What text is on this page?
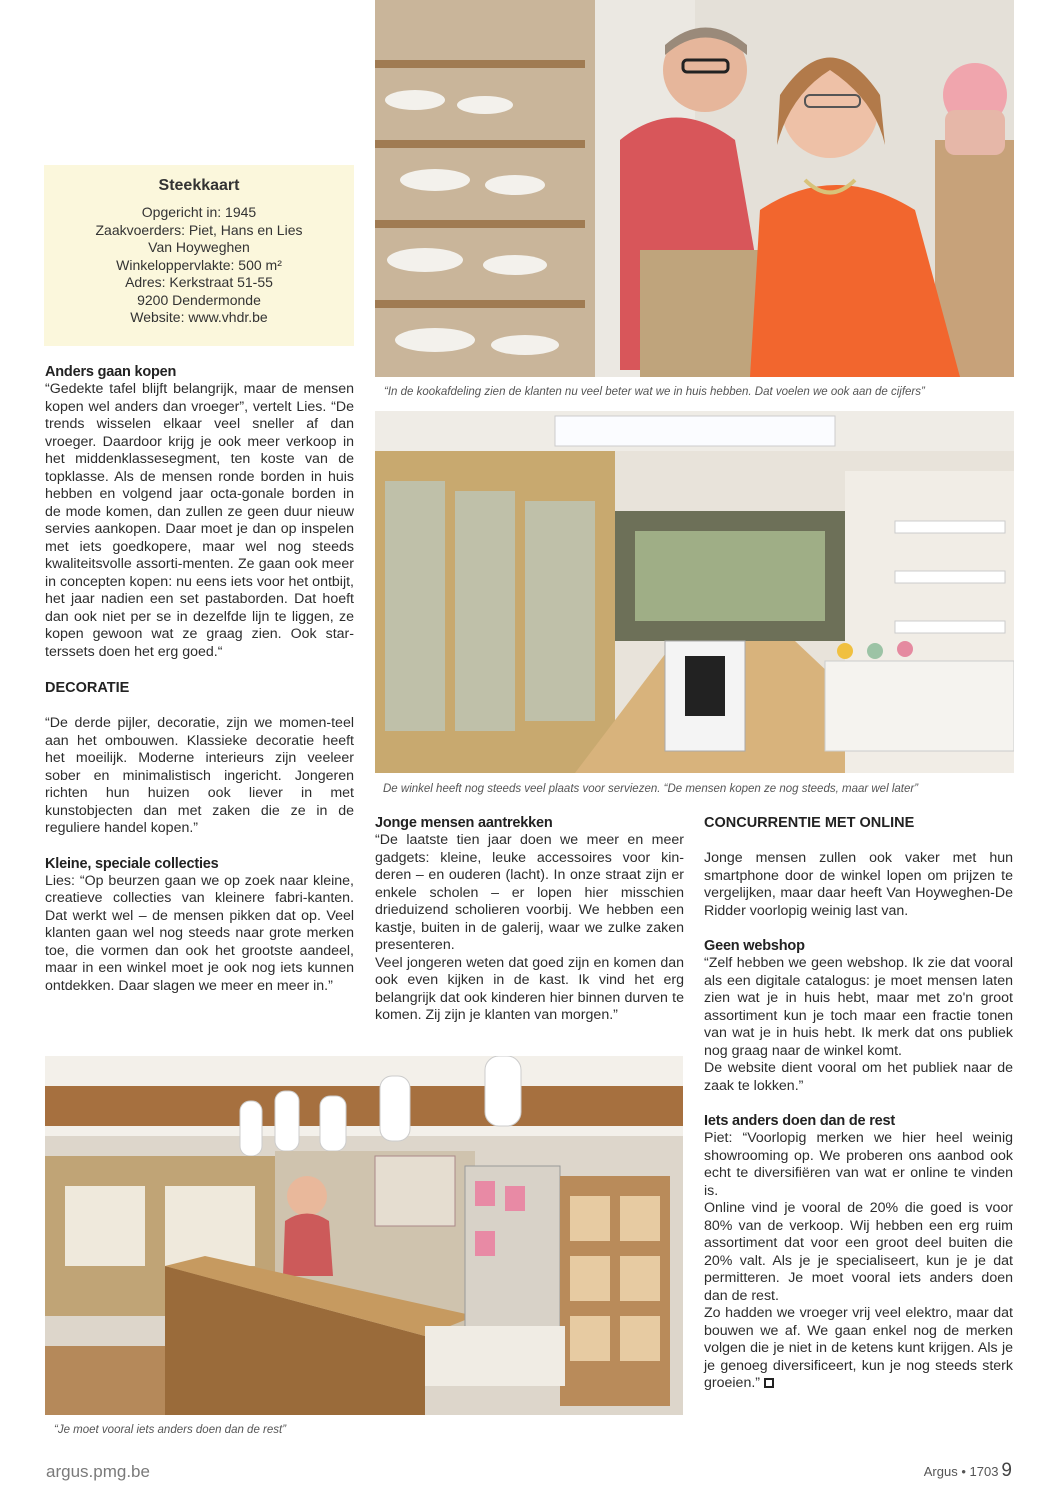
“In de kookafdeling zien de klanten nu veel beter wat we in huis hebben. Dat voelen we ook aan de cijfers”
De winkel heeft nog steeds veel plaats voor serviezen. “De mensen kopen ze nog steeds, maar wel later”
“Je moet vooral iets anders doen dan de rest”
Steekkaart
Opgericht in: 1945
Zaakvoerders: Piet, Hans en Lies
Van Hoyweghen
Winkeloppervlakte: 500 m²
Adres: Kerkstraat 51-55
9200 Dendermonde
Website: www.vhdr.be
Anders gaan kopen

“Gedekte tafel blijft belangrijk, maar de mensen kopen wel anders dan vroeger”, vertelt Lies. “De trends wisselen elkaar veel sneller af dan vroeger. Daardoor krijg je ook meer verkoop in het middenklassesegment, ten koste van de topklasse. Als de mensen ronde borden in huis hebben en volgend jaar octa-gonale borden in de mode komen, dan zullen ze geen duur nieuw servies aankopen. Daar moet je dan op inspelen met iets goedkopere, maar wel nog steeds kwaliteitsvolle assorti-menten. Ze gaan ook meer in concepten kopen: nu eens iets voor het ontbijt, het jaar nadien een set pastaborden. Dat hoeft dan ook niet per se in dezelfde lijn te liggen, ze kopen gewoon wat ze graag zien. Ook star-terssets doen het erg goed.“

DECORATIE

“De derde pijler, decoratie, zijn we momen-teel aan het ombouwen. Klassieke decoratie heeft het moeilijk. Moderne interieurs zijn veeleer sober en minimalistisch ingericht. Jongeren richten hun huizen ook liever in met kunstobjecten dan met zaken die ze in de reguliere handel kopen.”

Kleine, speciale collecties

Lies: “Op beurzen gaan we op zoek naar kleine, creatieve collecties van kleinere fabri-kanten. Dat werkt wel – de mensen pikken dat op. Veel klanten gaan wel nog steeds naar grote merken toe, die vormen dan ook het grootste aandeel, maar in een winkel moet je ook nog iets kunnen ontdekken. Daar slagen we meer en meer in.”

Jonge mensen aantrekken

“De laatste tien jaar doen we meer en meer gadgets: kleine, leuke accessoires voor kin-deren – en ouderen (lacht). In onze straat zijn er enkele scholen – er lopen hier misschien drieduizend scholieren voorbij. We hebben een kastje, buiten in de galerij, waar we zulke zaken presenteren.

Veel jongeren weten dat goed zijn en komen dan ook even kijken in de kast. Ik vind het erg belangrijk dat ook kinderen hier binnen durven te komen. Zij zijn je klanten van morgen.”

CONCURRENTIE MET ONLINE

Jonge mensen zullen ook vaker met hun smartphone door de winkel lopen om prijzen te vergelijken, maar daar heeft Van Hoyweghen-De Ridder voorlopig weinig last van.

Geen webshop

“Zelf hebben we geen webshop. Ik zie dat vooral als een digitale catalogus: je moet mensen laten zien wat je in huis hebt, maar met zo'n groot assortiment kun je toch maar een fractie tonen van wat je in huis hebt. Ik merk dat ons publiek nog graag naar de winkel komt.

De website dient vooral om het publiek naar de zaak te lokken.”

Iets anders doen dan de rest

Piet: “Voorlopig merken we hier heel weinig showrooming op. We proberen ons aanbod ook echt te diversifiëren van wat er online te vinden is.

Online vind je vooral de 20% die goed is voor 80% van de verkoop. Wij hebben een erg ruim assortiment dat voor een groot deel buiten die 20% valt. Als je je specialiseert, kun je je dat permitteren. Je moet vooral iets anders doen dan de rest.

Zo hadden we vroeger vrij veel elektro, maar dat bouwen we af. We gaan enkel nog de merken volgen die je niet in de ketens kunt krijgen. Als je je genoeg diversificeert, kun je nog steeds sterk groeien.”

argus.pmg.be	Argus • 1703 9
